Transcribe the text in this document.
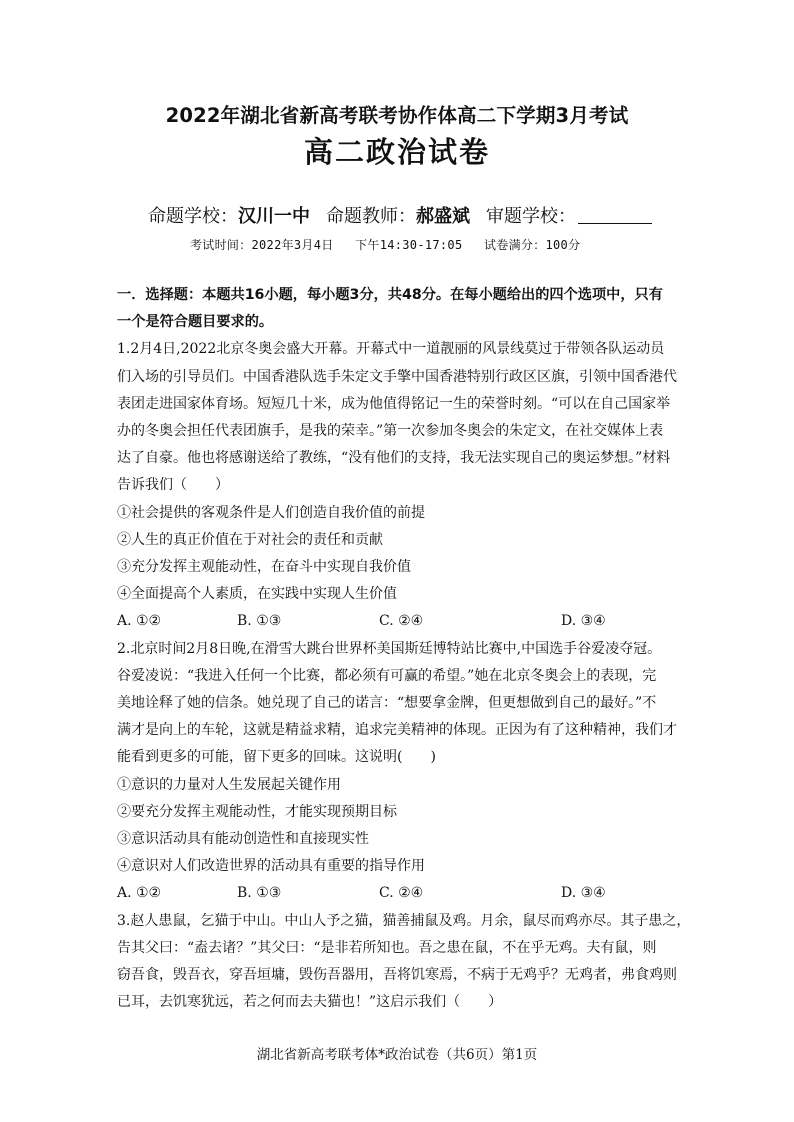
2022年湖北省新高考联考协作体高二下学期3月考试
高二政治试卷
命题学校：汉川一中 命题教师：郝盛斌 审题学校：
考试时间：2022年3月4日 下午14:30-17:05 试卷满分：100分
一．选择题：本题共16小题，每小题3分，共48分。在每小题给出的四个选项中，只有
一个是符合题目要求的。
1.2月4日,2022北京冬奥会盛大开幕。开幕式中一道靓丽的风景线莫过于带领各队运动员
们入场的引导员们。中国香港队选手朱定文手擎中国香港特别行政区区旗，引领中国香港代
表团走进国家体育场。短短几十米，成为他值得铭记一生的荣誉时刻。“可以在自己国家举
办的冬奥会担任代表团旗手，是我的荣幸。”第一次参加冬奥会的朱定文，在社交媒体上表
达了自豪。他也将感谢送给了教练，“没有他们的支持，我无法实现自己的奥运梦想。”材料
告诉我们（　　）
①社会提供的客观条件是人们创造自我价值的前提
②人生的真正价值在于对社会的责任和贡献
③充分发挥主观能动性，在奋斗中实现自我价值
④全面提高个人素质，在实践中实现人生价值
A. ①②	B. ①③	C. ②④	D. ③④
2.北京时间2月8日晚,在滑雪大跳台世界杯美国斯廷博特站比赛中,中国选手谷爱凌夺冠。
谷爱凌说：“我进入任何一个比赛，都必须有可赢的希望。”她在北京冬奥会上的表现，完
美地诠释了她的信条。她兑现了自己的诺言：“想要拿金牌，但更想做到自己的最好。”不
满才是向上的车轮，这就是精益求精，追求完美精神的体现。正因为有了这种精神，我们才
能看到更多的可能，留下更多的回味。这说明(　　)
①意识的力量对人生发展起关键作用
②要充分发挥主观能动性，才能实现预期目标
③意识活动具有能动创造性和直接现实性
④意识对人们改造世界的活动具有重要的指导作用
A. ①②	B. ①③	C. ②④	D. ③④
3.赵人患鼠，乞猫于中山。中山人予之猫，猫善捕鼠及鸡。月余，鼠尽而鸡亦尽。其子患之，
告其父曰：“盍去诸？”其父曰：“是非若所知也。吾之患在鼠，不在乎无鸡。夫有鼠，则
窃吾食，毁吾衣，穿吾垣墉，毁伤吾器用，吾将饥寒焉，不病于无鸡乎？无鸡者，弗食鸡则
已耳，去饥寒犹远，若之何而去夫猫也！”这启示我们（　　）
湖北省新高考联考体*政治试卷（共6页）第1页
